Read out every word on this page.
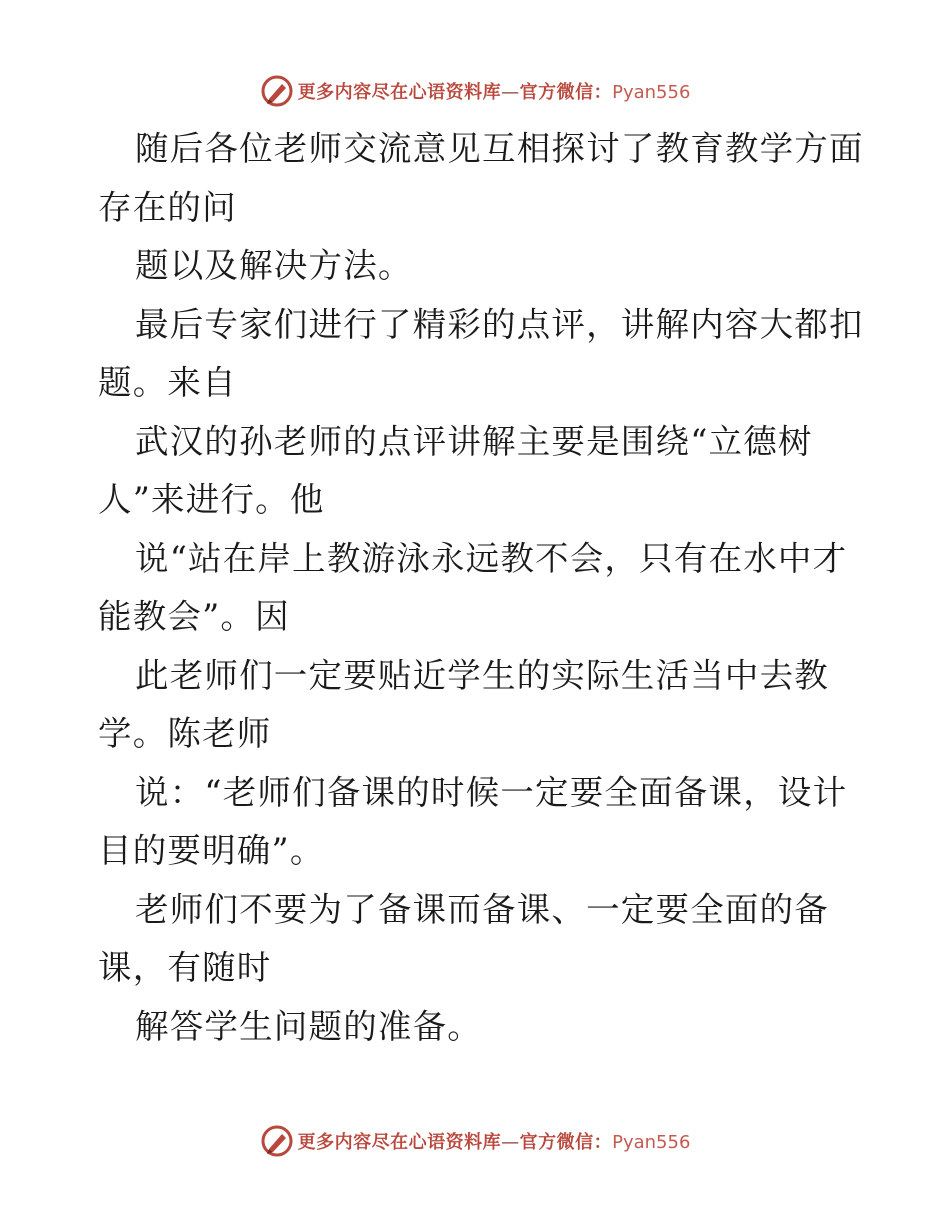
更多内容尽在心语资料库—官方微信：Pyan556
随后各位老师交流意见互相探讨了教育教学方面
存在的问
题以及解决方法。
最后专家们进行了精彩的点评，讲解内容大都扣
题。来自
武汉的孙老师的点评讲解主要是围绕“立德树
人”来进行。他
说“站在岸上教游泳永远教不会，只有在水中才
能教会”。因
此老师们一定要贴近学生的实际生活当中去教
学。陈老师
说：“老师们备课的时候一定要全面备课，设计
目的要明确”。
老师们不要为了备课而备课、一定要全面的备
课，有随时
解答学生问题的准备。
更多内容尽在心语资料库—官方微信：Pyan556
